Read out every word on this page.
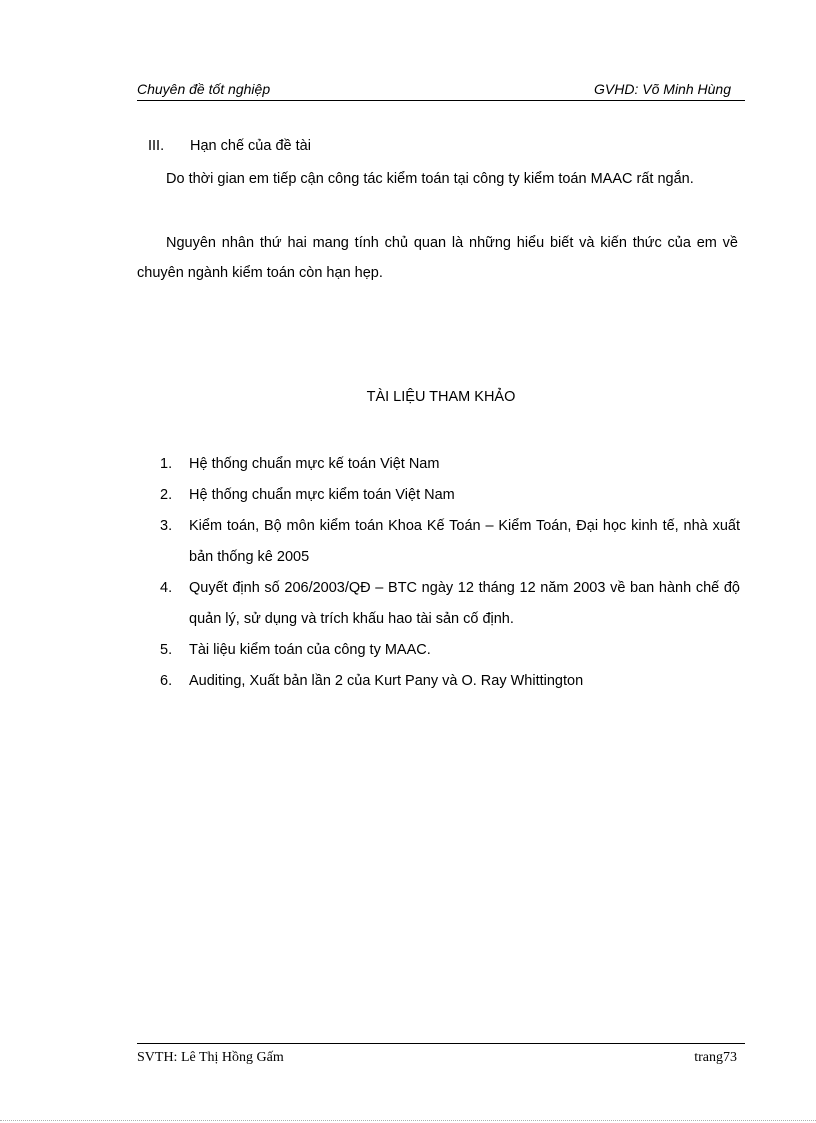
Chuyên đề tốt nghiệp	GVHD: Võ Minh Hùng
III. Hạn chế của đề tài

Do thời gian em tiếp cận công tác kiểm toán tại công ty kiểm toán MAAC rất ngắn.

Nguyên nhân thứ hai mang tính chủ quan là những hiểu biết và kiến thức của em về chuyên ngành kiểm toán còn hạn hẹp.

TÀI LIỆU THAM KHẢO
1.	Hệ thống chuẩn mực kế toán Việt Nam
2.	Hệ thống chuẩn mực kiểm toán Việt Nam
3.	Kiểm toán, Bộ môn kiểm toán Khoa Kế Toán – Kiểm Toán, Đại học kinh tế, nhà xuất bản thống kê 2005
4.	Quyết định số 206/2003/QĐ – BTC ngày 12 tháng 12 năm 2003 về ban hành chế độ quản lý, sử dụng và trích khấu hao tài sản cố định.
5.	Tài liệu kiểm toán của công ty MAAC.
6.	Auditing, Xuất bản lần 2 của Kurt Pany và O. Ray Whittington
SVTH: Lê Thị Hồng Gấm	trang73
